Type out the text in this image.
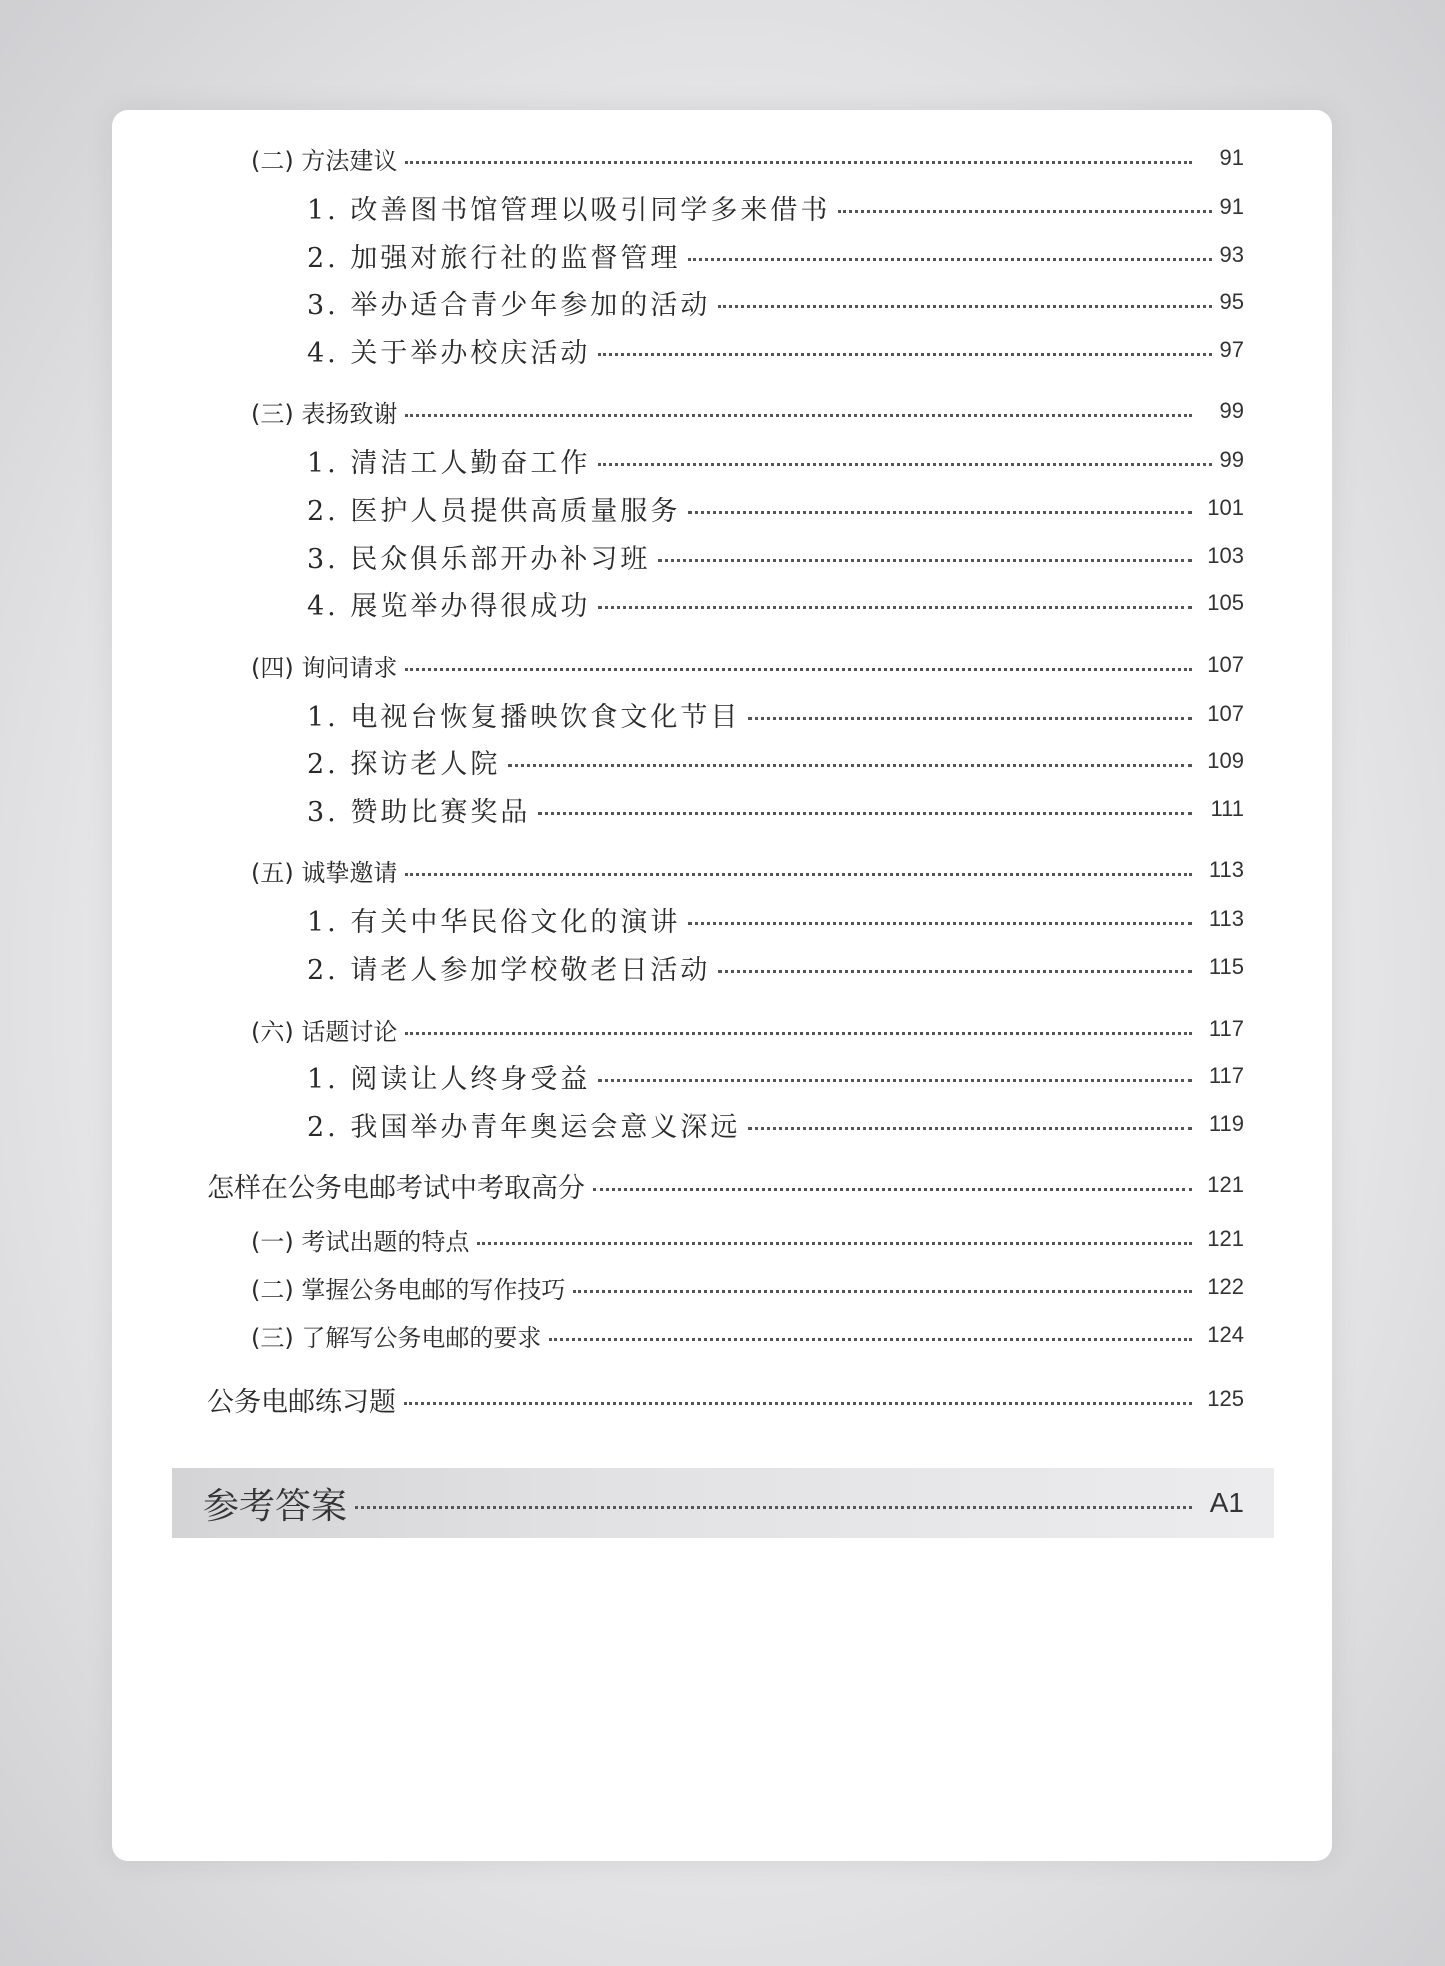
(二) 方法建议	91
1. 改善图书馆管理以吸引同学多来借书	91
2. 加强对旅行社的监督管理	93
3. 举办适合青少年参加的活动	95
4. 关于举办校庆活动	97
(三) 表扬致谢	99
1. 清洁工人勤奋工作	99
2. 医护人员提供高质量服务	101
3. 民众俱乐部开办补习班	103
4. 展览举办得很成功	105
(四) 询问请求	107
1. 电视台恢复播映饮食文化节目	107
2. 探访老人院	109
3. 赞助比赛奖品	111
(五) 诚挚邀请	113
1. 有关中华民俗文化的演讲	113
2. 请老人参加学校敬老日活动	115
(六) 话题讨论	117
1. 阅读让人终身受益	117
2. 我国举办青年奥运会意义深远	119
怎样在公务电邮考试中考取高分	121
(一) 考试出题的特点	121
(二) 掌握公务电邮的写作技巧	122
(三) 了解写公务电邮的要求	124
公务电邮练习题	125
参考答案	A1
